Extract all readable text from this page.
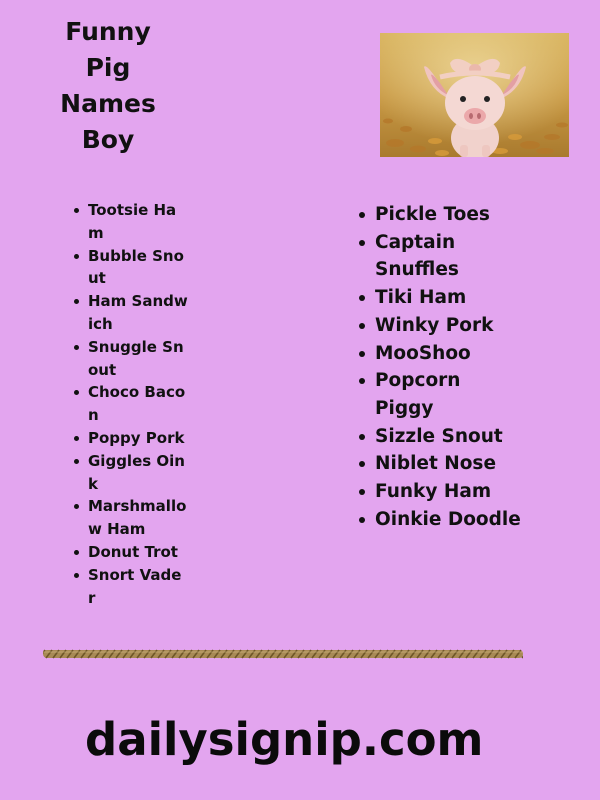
Funny
Pig
Names
Boy
Tootsie Ham
Bubble Snout
Ham Sandwich
Snuggle Snout
Choco Bacon
Poppy Pork
Giggles Oink
Marshmallow Ham
Donut Trot
Snort Vader
Pickle Toes
Captain Snuffles
Tiki Ham
Winky Pork
MooShoo
Popcorn Piggy
Sizzle Snout
Niblet Nose
Funky Ham
Oinkie Doodle

dailysignip.com
